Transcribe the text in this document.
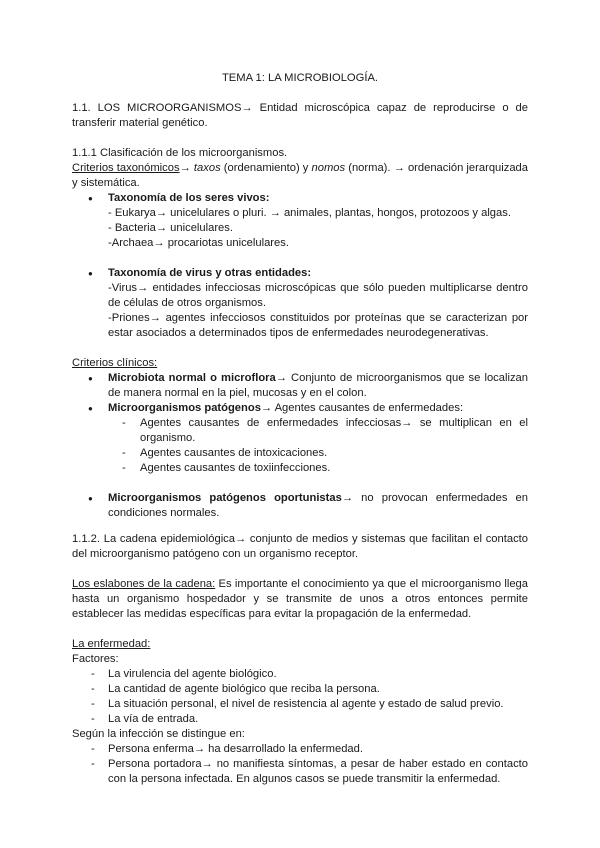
TEMA 1: LA MICROBIOLOGÍA.

1.1. LOS MICROORGANISMOS→ Entidad microscópica capaz de reproducirse o de transferir material genético.

1.1.1 Clasificación de los microorganismos.

Criterios taxonómicos→ taxos (ordenamiento) y nomos (norma). → ordenación jerarquizada y sistemática.

● Taxonomía de los seres vivos:
- Eukarya→ unicelulares o pluri. → animales, plantas, hongos, protozoos y algas.
- Bacteria→ unicelulares.
-Archaea→ procariotas unicelulares.
● Taxonomía de virus y otras entidades:
-Virus→ entidades infecciosas microscópicas que sólo pueden multiplicarse dentro de células de otros organismos.
-Priones→ agentes infecciosos constituidos por proteínas que se caracterizan por estar asociados a determinados tipos de enfermedades neurodegenerativas.

Criterios clínicos:

● Microbiota normal o microflora→ Conjunto de microorganismos que se localizan de manera normal en la piel, mucosas y en el colon.
● Microorganismos patógenos→ Agentes causantes de enfermedades:
- Agentes causantes de enfermedades infecciosas→ se multiplican en el organismo.
- Agentes causantes de intoxicaciones.
- Agentes causantes de toxiinfecciones.
● Microorganismos patógenos oportunistas→ no provocan enfermedades en condiciones normales.

1.1.2. La cadena epidemiológica→ conjunto de medios y sistemas que facilitan el contacto del microorganismo patógeno con un organismo receptor.

Los eslabones de la cadena: Es importante el conocimiento ya que el microorganismo llega hasta un organismo hospedador y se transmite de unos a otros entonces permite establecer las medidas específicas para evitar la propagación de la enfermedad.

La enfermedad:

Factores:

- La virulencia del agente biológico.
- La cantidad de agente biológico que reciba la persona.
- La situación personal, el nivel de resistencia al agente y estado de salud previo.
- La vía de entrada.

Según la infección se distingue en:

- Persona enferma→ ha desarrollado la enfermedad.
- Persona portadora→ no manifiesta síntomas, a pesar de haber estado en contacto con la persona infectada. En algunos casos se puede transmitir la enfermedad.
